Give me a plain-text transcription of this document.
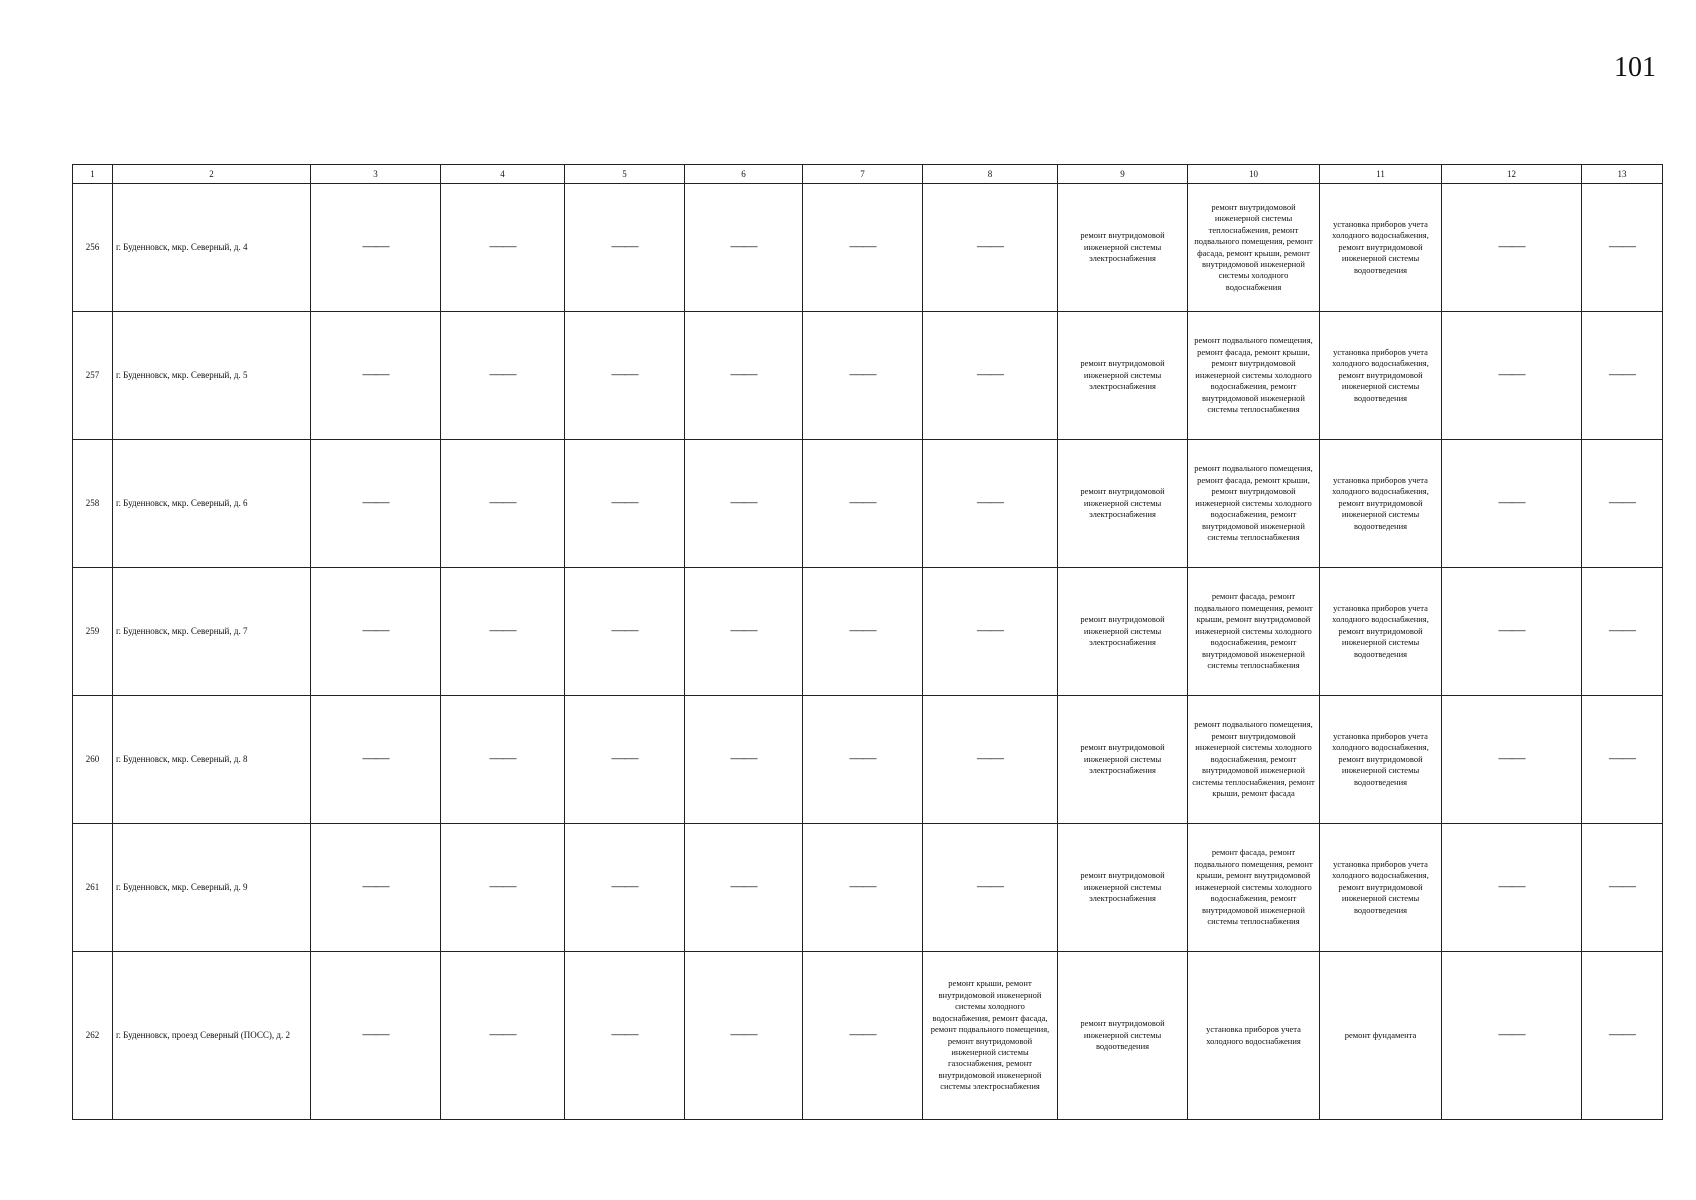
101
1	2	3	4	5	6	7	8	9	10	11	12	13
256	г. Буденновск, мкр. Северный, д. 4	——	——	——	——	——	——	ремонт внутридомовой инженерной системы электроснабжения	ремонт внутридомовой инженерной системы теплоснабжения, ремонт подвального помещения, ремонт фасада, ремонт крыши, ремонт внутридомовой инженерной системы холодного водоснабжения	установка приборов учета холодного водоснабжения, ремонт внутридомовой инженерной системы водоотведения	——	——
257	г. Буденновск, мкр. Северный, д. 5	——	——	——	——	——	——	ремонт внутридомовой инженерной системы электроснабжения	ремонт подвального помещения, ремонт фасада, ремонт крыши, ремонт внутридомовой инженерной системы холодного водоснабжения, ремонт внутридомовой инженерной системы теплоснабжения	установка приборов учета холодного водоснабжения, ремонт внутридомовой инженерной системы водоотведения	——	——
258	г. Буденновск, мкр. Северный, д. 6	——	——	——	——	——	——	ремонт внутридомовой инженерной системы электроснабжения	ремонт подвального помещения, ремонт фасада, ремонт крыши, ремонт внутридомовой инженерной системы холодного водоснабжения, ремонт внутридомовой инженерной системы теплоснабжения	установка приборов учета холодного водоснабжения, ремонт внутридомовой инженерной системы водоотведения	——	——
259	г. Буденновск, мкр. Северный, д. 7	——	——	——	——	——	——	ремонт внутридомовой инженерной системы электроснабжения	ремонт фасада, ремонт подвального помещения, ремонт крыши, ремонт внутридомовой инженерной системы холодного водоснабжения, ремонт внутридомовой инженерной системы теплоснабжения	установка приборов учета холодного водоснабжения, ремонт внутридомовой инженерной системы водоотведения	——	——
260	г. Буденновск, мкр. Северный, д. 8	——	——	——	——	——	——	ремонт внутридомовой инженерной системы электроснабжения	ремонт подвального помещения, ремонт внутридомовой инженерной системы холодного водоснабжения, ремонт внутридомовой инженерной системы теплоснабжения, ремонт крыши, ремонт фасада	установка приборов учета холодного водоснабжения, ремонт внутридомовой инженерной системы водоотведения	——	——
261	г. Буденновск, мкр. Северный, д. 9	——	——	——	——	——	——	ремонт внутридомовой инженерной системы электроснабжения	ремонт фасада, ремонт подвального помещения, ремонт крыши, ремонт внутридомовой инженерной системы холодного водоснабжения, ремонт внутридомовой инженерной системы теплоснабжения	установка приборов учета холодного водоснабжения, ремонт внутридомовой инженерной системы водоотведения	——	——
262	г. Буденновск, проезд Северный (ПОСС), д. 2	——	——	——	——	——	ремонт крыши, ремонт внутридомовой инженерной системы холодного водоснабжения, ремонт фасада, ремонт подвального помещения, ремонт внутридомовой инженерной системы газоснабжения, ремонт внутридомовой инженерной системы электроснабжения	ремонт внутридомовой инженерной системы водоотведения	установка приборов учета холодного водоснабжения	ремонт фундамента	——	——
